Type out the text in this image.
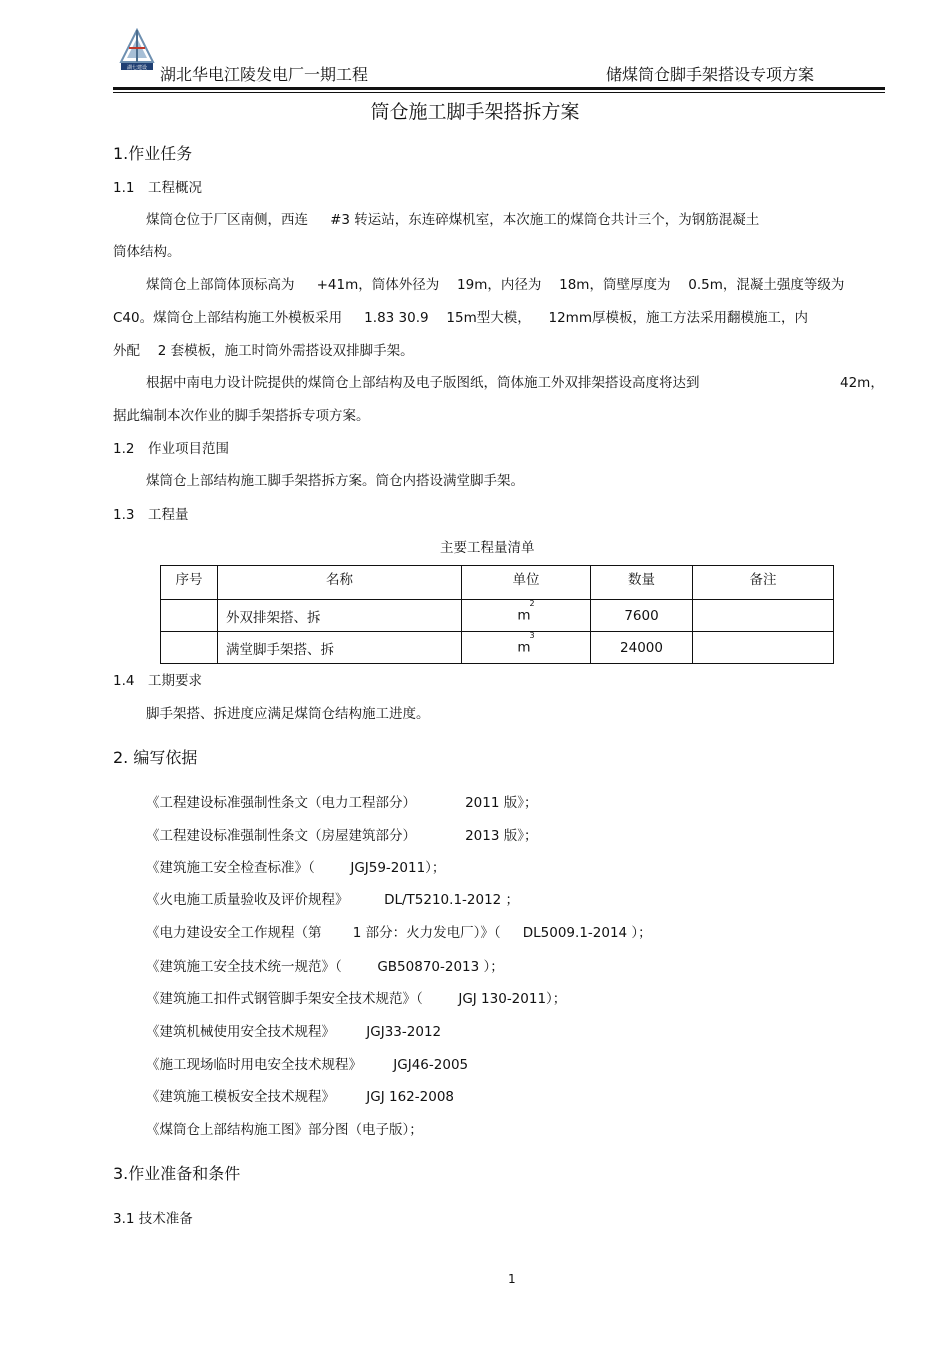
湖七建设 湖北华电江陵发电厂一期工程	储煤筒仓脚手架搭设专项方案
筒仓施工脚手架搭拆方案
1.作业任务
1.1　工程概况
煤筒仓位于厂区南侧，西连 　 #3 转运站，东连碎煤机室，本次施工的煤筒仓共计三个，为钢筋混凝土
筒体结构。
煤筒仓上部筒体顶标高为 　 +41m，筒体外径为 　19m，内径为 　18m，筒壁厚度为 　0.5m，混凝土强度等级为
C40。煤筒仓上部结构施工外模板采用 　 1.83 30.9 　15m型大模， 　12mm厚模板，施工方法采用翻模施工，内
外配 　2 套模板，施工时筒外需搭设双排脚手架。
根据中南电力设计院提供的煤筒仓上部结构及电子版图纸，筒体施工外双排架搭设高度将达到	42m，
据此编制本次作业的脚手架搭拆专项方案。
1.2　作业项目范围
煤筒仓上部结构施工脚手架搭拆方案。筒仓内搭设满堂脚手架。
1.3　工程量
主要工程量清单
序号	名称	单位	数量	备注
	外双排架搭、拆	$m^2$	7600	
	满堂脚手架搭、拆	$m^3$	24000	
1.4　工期要求
脚手架搭、拆进度应满足煤筒仓结构施工进度。
2. 编写依据
《工程建设标准强制性条文（电力工程部分） 　　 　2011 版》；
《工程建设标准强制性条文（房屋建筑部分） 　　 　2013 版》；
《建筑施工安全检查标准》（ 　 　JGJ59-2011）；
《火电施工质量验收及评价规程》 　　 DL/T5210.1-2012 ；
《电力建设安全工作规程（第 　　1 部分：火力发电厂）》（ 　 DL5009.1-2014 ）；
《建筑施工安全技术统一规范》（ 　　 GB50870-2013 ）；
《建筑施工扣件式钢管脚手架安全技术规范》（ 　　 JGJ 130-2011）；
《建筑机械使用安全技术规程》 　　JGJ33-2012
《施工现场临时用电安全技术规程》 　　JGJ46-2005
《建筑施工模板安全技术规程》 　　JGJ 162-2008
《煤筒仓上部结构施工图》部分图（电子版）；
3.作业准备和条件
3.1 技术准备
1
